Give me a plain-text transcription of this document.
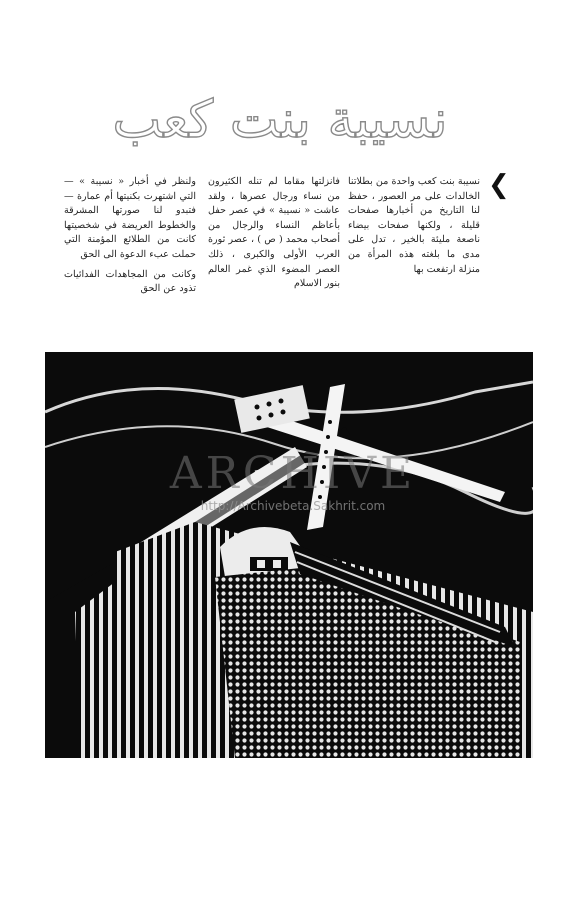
نسيبة بنت كعب
❮

نسيبة بنت كعب واحدة من بطلاتنا الخالدات على مر العصور ، حفظ لنا التاريخ من أخبارها صفحات قليلة ، ولكنها صفحات بيضاء ناصعة مليئة بالخير ، تدل على مدى ما بلغته هذه المرأة من منزلة ارتفعت بها

فانزلتها مقاما لم تنله الكثيرون من نساء ورجال عصرها ، ولقد عاشت « نسيبة » في عصر حفل بأعاظم النساء والرجال من أصحاب محمد ( ص ) ، عصر ثورة العرب الأولى والكبرى ، ذلك العصر المضوء الذي غمر العالم بنور الاسلام

ولنظر في أخبار « نسيبة » — التي اشتهرت بكنيتها أم عمارة — فتبدو لنا صورتها المشرقة والخطوط العريضة في شخصيتها كانت من الطلائع المؤمنة التي حملت عبء الدعوة الى الحق

وكانت من المجاهدات الفدائيات تذود عن الحق

ARCHIVE
http://Archivebeta.Sakhrit.com
